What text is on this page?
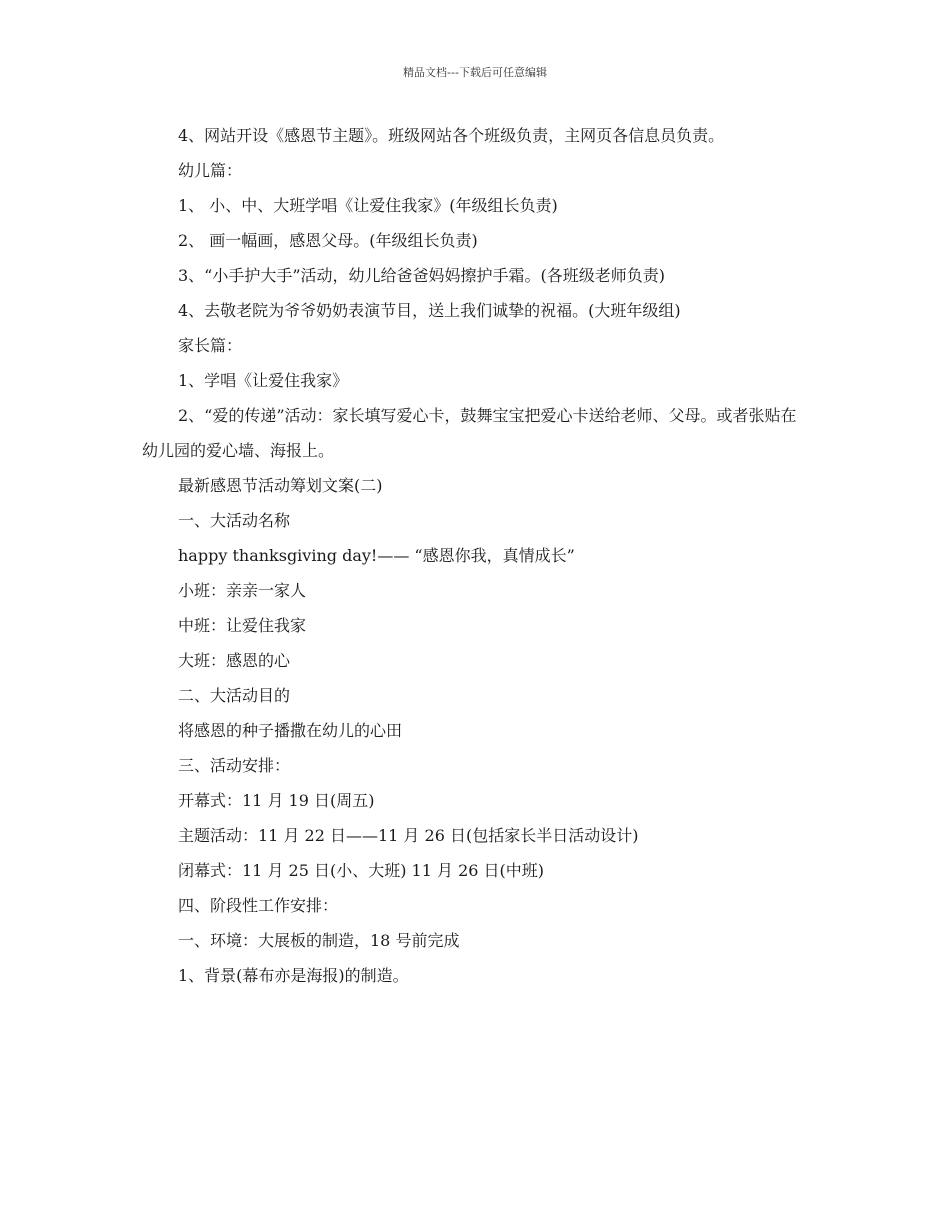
精品文档---下载后可任意编辑

4、网站开设《感恩节主题》。班级网站各个班级负责，主网页各信息员负责。

幼儿篇：

1、 小、中、大班学唱《让爱住我家》(年级组长负责)

2、 画一幅画，感恩父母。(年级组长负责)

3、“小手护大手”活动，幼儿给爸爸妈妈擦护手霜。(各班级老师负责)

4、去敬老院为爷爷奶奶表演节目，送上我们诚挚的祝福。(大班年级组)

家长篇：

1、学唱《让爱住我家》

2、“爱的传递”活动：家长填写爱心卡，鼓舞宝宝把爱心卡送给老师、父母。或者张贴在幼儿园的爱心墙、海报上。

最新感恩节活动筹划文案(二)

一、大活动名称

happy thanksgiving day!—— “感恩你我，真情成长”

小班：亲亲一家人

中班：让爱住我家

大班：感恩的心

二、大活动目的

将感恩的种子播撒在幼儿的心田

三、活动安排：

开幕式：11 月 19 日(周五)

主题活动：11 月 22 日——11 月 26 日(包括家长半日活动设计)

闭幕式：11 月 25 日(小、大班) 11 月 26 日(中班)

四、阶段性工作安排：

一、环境：大展板的制造，18 号前完成

1、背景(幕布亦是海报)的制造。
